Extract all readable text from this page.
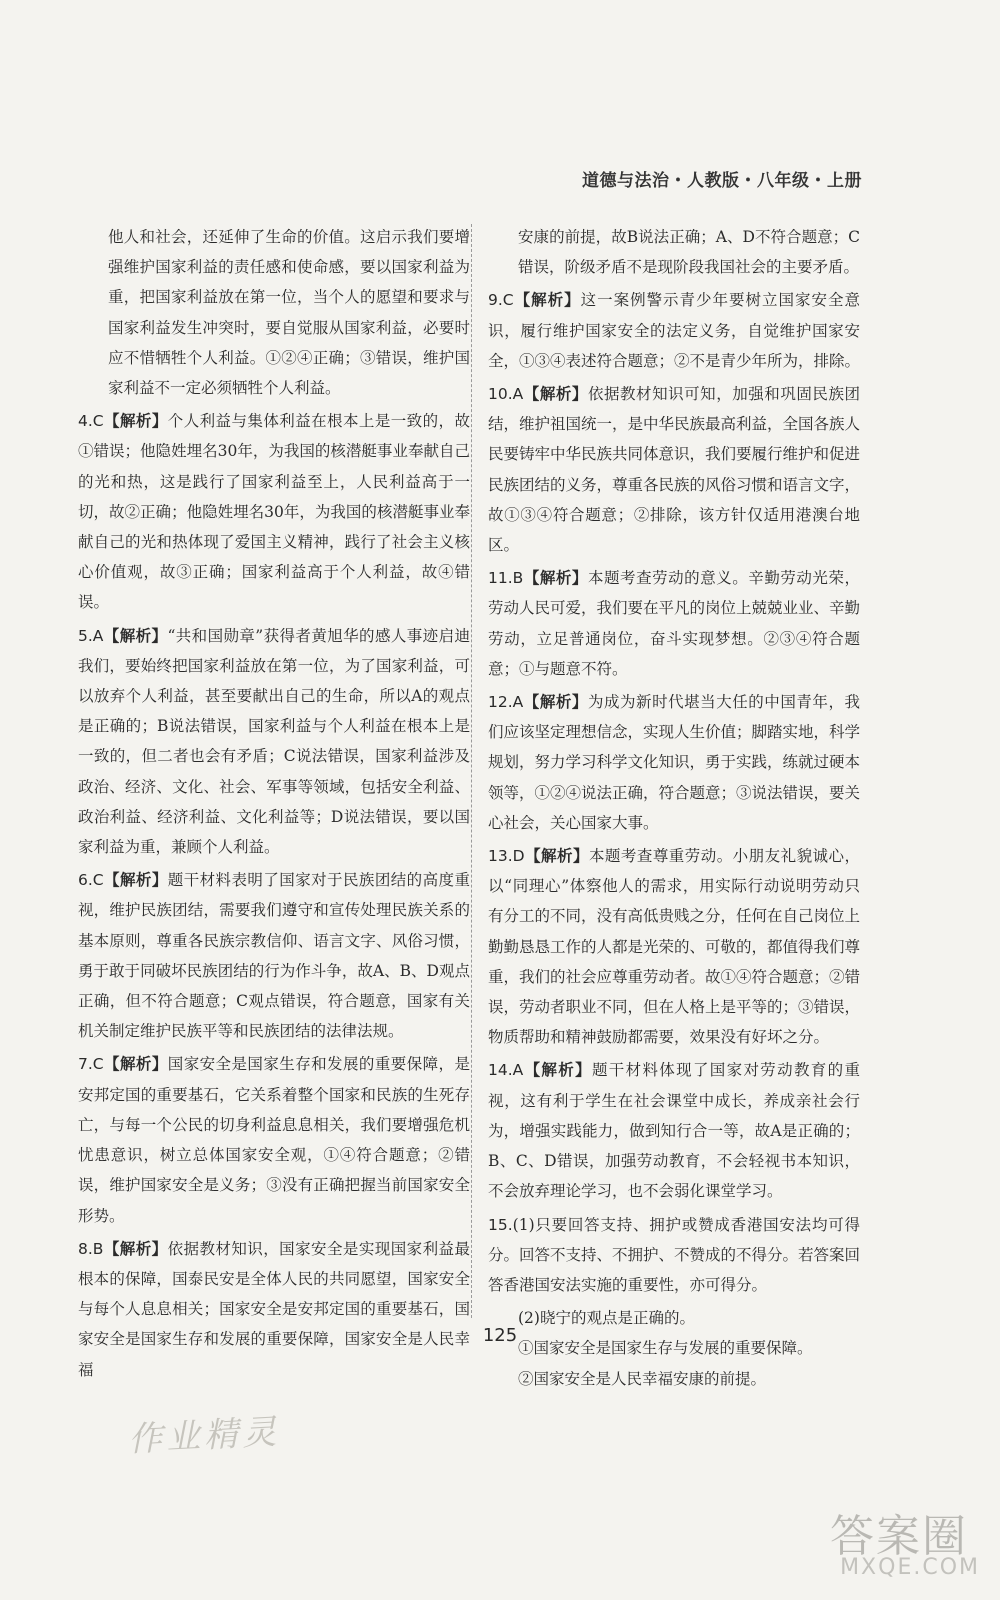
道德与法治・人教版・八年级・上册
他人和社会，还延伸了生命的价值。这启示我们要增强维护国家利益的责任感和使命感，要以国家利益为重，把国家利益放在第一位，当个人的愿望和要求与国家利益发生冲突时，要自觉服从国家利益，必要时应不惜牺牲个人利益。①②④正确；③错误，维护国家利益不一定必须牺牲个人利益。
4.C【解析】个人利益与集体利益在根本上是一致的，故①错误；他隐姓埋名30年，为我国的核潜艇事业奉献自己的光和热，这是践行了国家利益至上，人民利益高于一切，故②正确；他隐姓埋名30年，为我国的核潜艇事业奉献自己的光和热体现了爱国主义精神，践行了社会主义核心价值观，故③正确；国家利益高于个人利益，故④错误。
5.A【解析】“共和国勋章”获得者黄旭华的感人事迹启迪我们，要始终把国家利益放在第一位，为了国家利益，可以放弃个人利益，甚至要献出自己的生命，所以A的观点是正确的；B说法错误，国家利益与个人利益在根本上是一致的，但二者也会有矛盾；C说法错误，国家利益涉及政治、经济、文化、社会、军事等领域，包括安全利益、政治利益、经济利益、文化利益等；D说法错误，要以国家利益为重，兼顾个人利益。
6.C【解析】题干材料表明了国家对于民族团结的高度重视，维护民族团结，需要我们遵守和宣传处理民族关系的基本原则，尊重各民族宗教信仰、语言文字、风俗习惯，勇于敢于同破坏民族团结的行为作斗争，故A、B、D观点正确，但不符合题意；C观点错误，符合题意，国家有关机关制定维护民族平等和民族团结的法律法规。
7.C【解析】国家安全是国家生存和发展的重要保障，是安邦定国的重要基石，它关系着整个国家和民族的生死存亡，与每一个公民的切身利益息息相关，我们要增强危机忧患意识，树立总体国家安全观，①④符合题意；②错误，维护国家安全是义务；③没有正确把握当前国家安全形势。
8.B【解析】依据教材知识，国家安全是实现国家利益最根本的保障，国泰民安是全体人民的共同愿望，国家安全与每个人息息相关；国家安全是安邦定国的重要基石，国家安全是国家生存和发展的重要保障，国家安全是人民幸福
安康的前提，故B说法正确；A、D不符合题意；C错误，阶级矛盾不是现阶段我国社会的主要矛盾。
9.C【解析】这一案例警示青少年要树立国家安全意识，履行维护国家安全的法定义务，自觉维护国家安全，①③④表述符合题意；②不是青少年所为，排除。
10.A【解析】依据教材知识可知，加强和巩固民族团结，维护祖国统一，是中华民族最高利益，全国各族人民要铸牢中华民族共同体意识，我们要履行维护和促进民族团结的义务，尊重各民族的风俗习惯和语言文字，故①③④符合题意；②排除，该方针仅适用港澳台地区。
11.B【解析】本题考查劳动的意义。辛勤劳动光荣，劳动人民可爱，我们要在平凡的岗位上兢兢业业、辛勤劳动，立足普通岗位，奋斗实现梦想。②③④符合题意；①与题意不符。
12.A【解析】为成为新时代堪当大任的中国青年，我们应该坚定理想信念，实现人生价值；脚踏实地，科学规划，努力学习科学文化知识，勇于实践，练就过硬本领等，①②④说法正确，符合题意；③说法错误，要关心社会，关心国家大事。
13.D【解析】本题考查尊重劳动。小朋友礼貌诚心，以“同理心”体察他人的需求，用实际行动说明劳动只有分工的不同，没有高低贵贱之分，任何在自己岗位上勤勤恳恳工作的人都是光荣的、可敬的，都值得我们尊重，我们的社会应尊重劳动者。故①④符合题意；②错误，劳动者职业不同，但在人格上是平等的；③错误，物质帮助和精神鼓励都需要，效果没有好坏之分。
14.A【解析】题干材料体现了国家对劳动教育的重视，这有利于学生在社会课堂中成长，养成亲社会行为，增强实践能力，做到知行合一等，故A是正确的；B、C、D错误，加强劳动教育，不会轻视书本知识，不会放弃理论学习，也不会弱化课堂学习。
15.(1)只要回答支持、拥护或赞成香港国安法均可得分。回答不支持、不拥护、不赞成的不得分。若答案回答香港国安法实施的重要性，亦可得分。
(2)晓宁的观点是正确的。
①国家安全是国家生存与发展的重要保障。
②国家安全是人民幸福安康的前提。
125
作业精灵
答案圈
MXQE.COM
